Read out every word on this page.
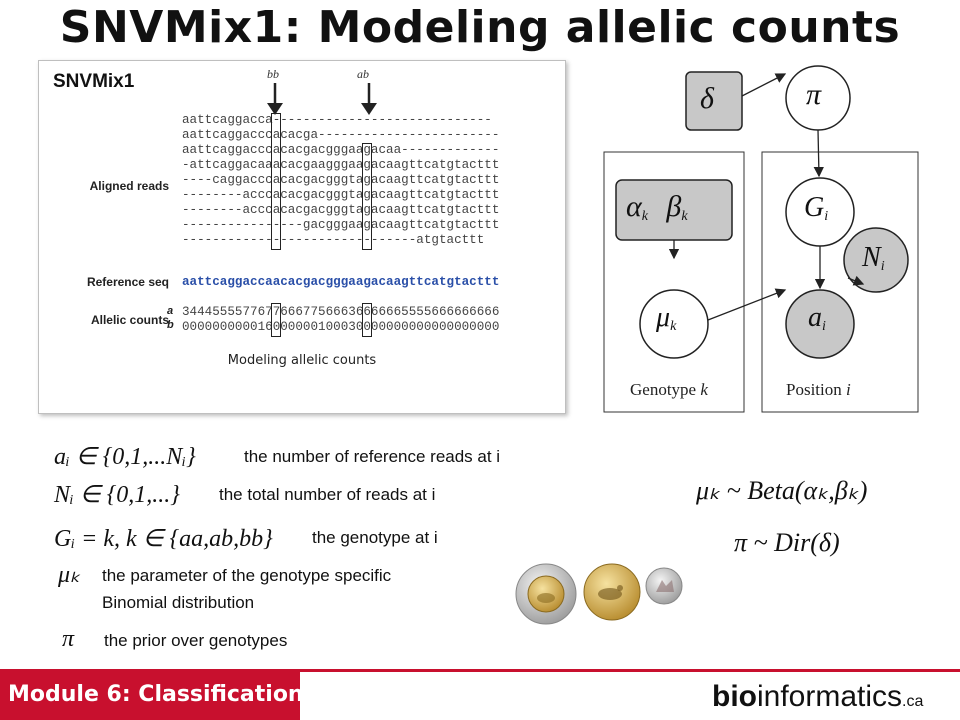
SNVMix1: Modeling allelic counts
SNVMix1	bb	ab
Aligned reads
Reference seq
Allelic counts
a
b
aattcaggacca-----------------------------
aattcaggacccacacga------------------------
aattcaggacccacacgacgggaagacaa-------------
-attcaggacaaacacgaagggaagacaagttcatgtacttt
----caggacccacacgacgggtagacaagttcatgtacttt
--------acccacacgacgggtagacaagttcatgtacttt
--------acccacacgacgggtagacaagttcatgtacttt
----------------gacgggaagacaagttcatgtacttt
-------------------------------atgtacttt
aattcaggaccaacacgacgggaagacaagttcatgtacttt
344455557767766677566636666665555666666666
000000000016000000100030000000000000000000
Modeling allelic counts
δ	π
$\alpha_k$ $\beta_k$
$\mu_k$
$G_i$
$N_i$
$a_i$
Genotype k	Position i
aᵢ ∈ {0,1,...Nᵢ}	the number of reference reads at i
Nᵢ ∈ {0,1,...} the total number of reads at i
Gᵢ = k, k ∈ {aa,ab,bb} the genotype at i
μₖ the parameter of the genotype specific
Binomial distribution
π the prior over genotypes
μₖ ~ Beta(αₖ,βₖ)
π ~ Dir(δ)
Module 6: Classification	bioinformatics.ca
